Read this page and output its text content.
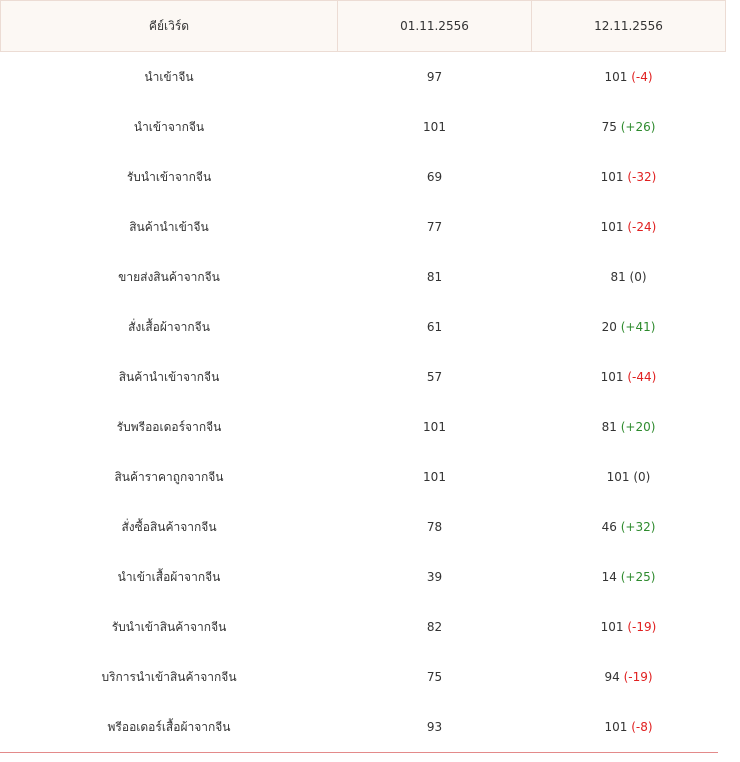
คีย์เวิร์ด	01.11.2556	12.11.2556
นำเข้าจีน	97	101 (-4)
นำเข้าจากจีน	101	75 (+26)
รับนำเข้าจากจีน	69	101 (-32)
สินค้านำเข้าจีน	77	101 (-24)
ขายส่งสินค้าจากจีน	81	81 (0)
สั่งเสื้อผ้าจากจีน	61	20 (+41)
สินค้านำเข้าจากจีน	57	101 (-44)
รับพรีออเดอร์จากจีน	101	81 (+20)
สินค้าราคาถูกจากจีน	101	101 (0)
สั่งซื้อสินค้าจากจีน	78	46 (+32)
นำเข้าเสื้อผ้าจากจีน	39	14 (+25)
รับนำเข้าสินค้าจากจีน	82	101 (-19)
บริการนำเข้าสินค้าจากจีน	75	94 (-19)
พรีออเดอร์เสื้อผ้าจากจีน	93	101 (-8)
